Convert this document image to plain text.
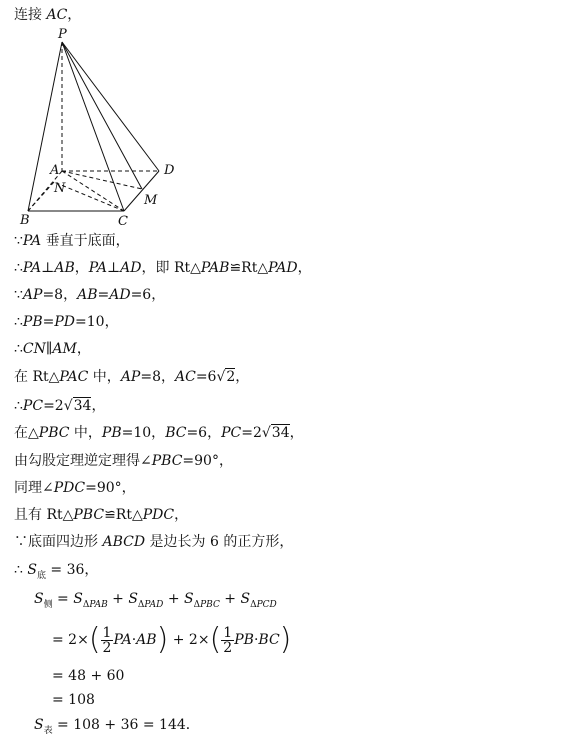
连接 AC，
P
A
N
B	C
D
M
∵PA 垂直于底面，
∴PA⊥AB，PA⊥AD，即 Rt△PAB≌Rt△PAD，
∵AP=8，AB=AD=6，
∴PB=PD=10，
∴CN∥AM，
在 Rt△PAC 中，AP=8，AC=6√2，
∴PC=2√34，
在△PBC 中，PB=10，BC=6，PC=2√34，
由勾股定理逆定理得∠PBC=90°，
同理∠PDC=90°，
且有 Rt△PBC≌Rt△PDC，
∵底面四边形 ABCD 是边长为 6 的正方形，
∴ $S_底 = 36$，
$S_侧 = S_{\Delta PAB} + S_{\Delta PAD} + S_{\Delta PBC} + S_{\Delta PCD}$
= $2\times( \frac{1}{2} PA\cdot AB) + 2\times( \frac{1}{2} PB\cdot BC)$
= 48 + 60
= 108
$S_表 = 108 + 36 = 144$．
